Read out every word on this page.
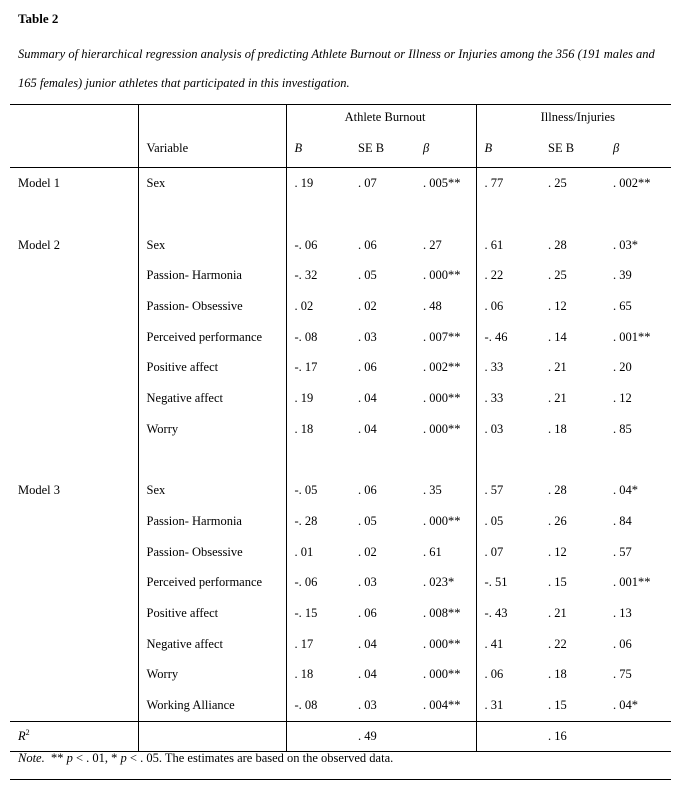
Table 2

Summary of hierarchical regression analysis of predicting Athlete Burnout or Illness or Injuries among the 356 (191 males and 165 females) junior athletes that participated in this investigation.

		Athlete Burnout			Illness/Injuries		
	Variable	B	SE B	β	B	SE B	β
Model 1	Sex	. 19	. 07	. 005**	. 77	. 25	. 002**

Model 2	Sex	-. 06	. 06	. 27	. 61	. 28	. 03*
	Passion- Harmonia	-. 32	. 05	. 000**	. 22	. 25	. 39
	Passion- Obsessive	. 02	. 02	. 48	. 06	. 12	. 65
	Perceived performance	-. 08	. 03	. 007**	-. 46	. 14	. 001**
	Positive affect	-. 17	. 06	. 002**	. 33	. 21	. 20
	Negative affect	. 19	. 04	. 000**	. 33	. 21	. 12
	Worry	. 18	. 04	. 000**	. 03	. 18	. 85

Model 3	Sex	-. 05	. 06	. 35	. 57	. 28	. 04*
	Passion- Harmonia	-. 28	. 05	. 000**	. 05	. 26	. 84
	Passion- Obsessive	. 01	. 02	. 61	. 07	. 12	. 57
	Perceived performance	-. 06	. 03	. 023*	-. 51	. 15	. 001**
	Positive affect	-. 15	. 06	. 008**	-. 43	. 21	. 13
	Negative affect	. 17	. 04	. 000**	. 41	. 22	. 06
	Worry	. 18	. 04	. 000**	. 06	. 18	. 75
	Working Alliance	-. 08	. 03	. 004**	. 31	. 15	. 04*
$R^2$			. 49			. 16	

Note. ** p < . 01, * p < . 05. The estimates are based on the observed data.
